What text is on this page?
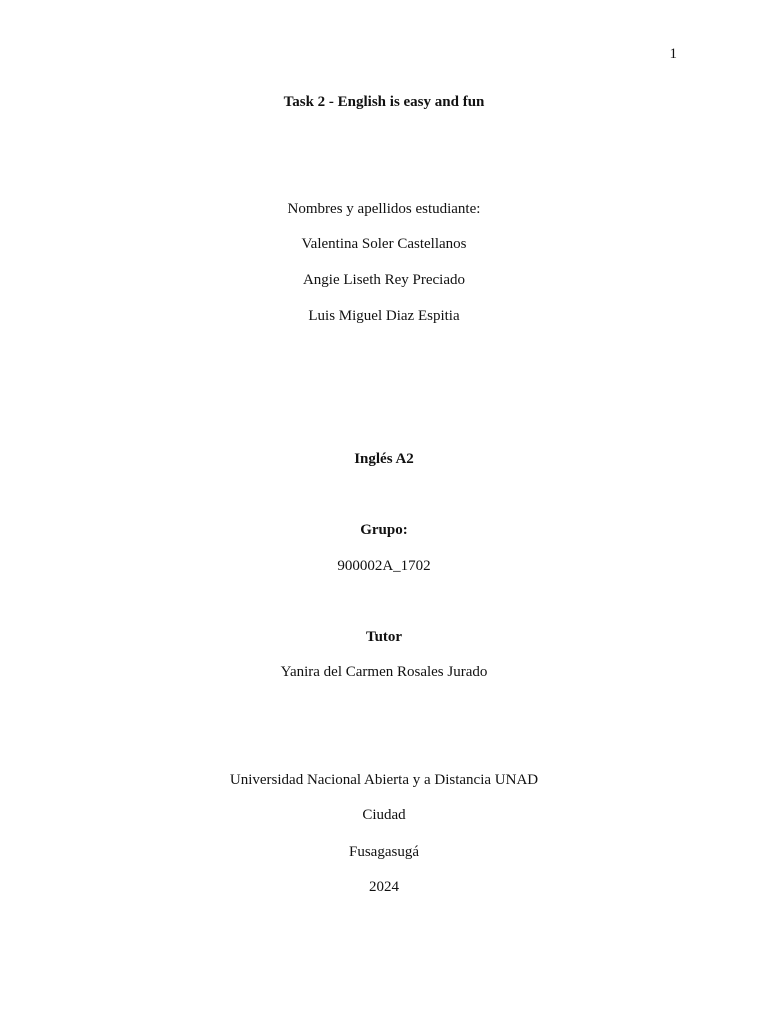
1
Task 2 - English is easy and fun
Nombres y apellidos estudiante:
Valentina Soler Castellanos
Angie Liseth Rey Preciado
Luis Miguel Diaz Espitia
Inglés A2
Grupo:
900002A_1702
Tutor
Yanira del Carmen Rosales Jurado
Universidad Nacional Abierta y a Distancia UNAD
Ciudad
Fusagasugá
2024
